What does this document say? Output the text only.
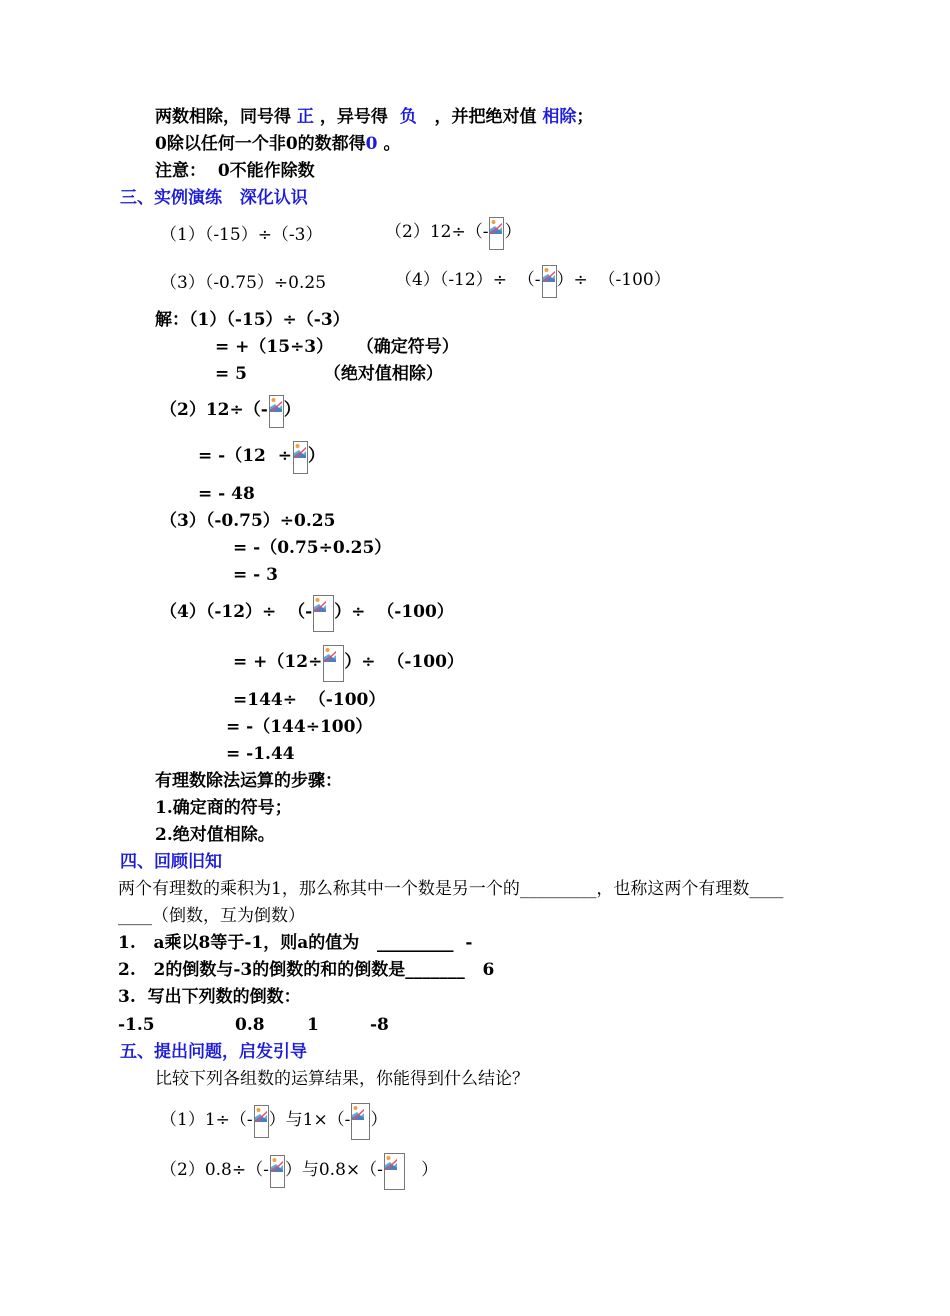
两数相除，同号得 正 ，异号得 负 ，并把绝对值 相除；
0除以任何一个非0的数都得0 。
注意：  0不能作除数
三、实例演练   深化认识
（1）（-15）÷（-3）	（2）12÷（- ）
（3）（-0.75）÷0.25	（4）（-12）÷  （- ）÷  （-100）
解：（1）（-15）÷（-3）
= +（15÷3）    （确定符号）
= 5             （绝对值相除）
（2）12÷（- ）
= -（12  ÷ ）
= - 48
（3）（-0.75）÷0.25
= -（0.75÷0.25）
= - 3
（4）（-12）÷  （- ）÷  （-100）
= +（12÷ ）÷  （-100）
=144÷  （-100）
= -（144÷100）
= -1.44
有理数除法运算的步骤：
1.确定商的符号；
2.绝对值相除。
四、回顾旧知
两个有理数的乘积为1，那么称其中一个数是另一个的_________，也称这两个有理数____
____（倒数，互为倒数）
1.   a乘以8等于-1，则a的值为   _________  -
2.   2的倒数与-3的倒数的和的倒数是_______   6
3.  写出下列数的倒数：
-1.5	0.8 1	-8
五、提出问题，启发引导
比较下列各组数的运算结果，你能得到什么结论？
（1）1÷（- ）与1×（- ）
（2）0.8÷（- ）与0.8×（-
）
